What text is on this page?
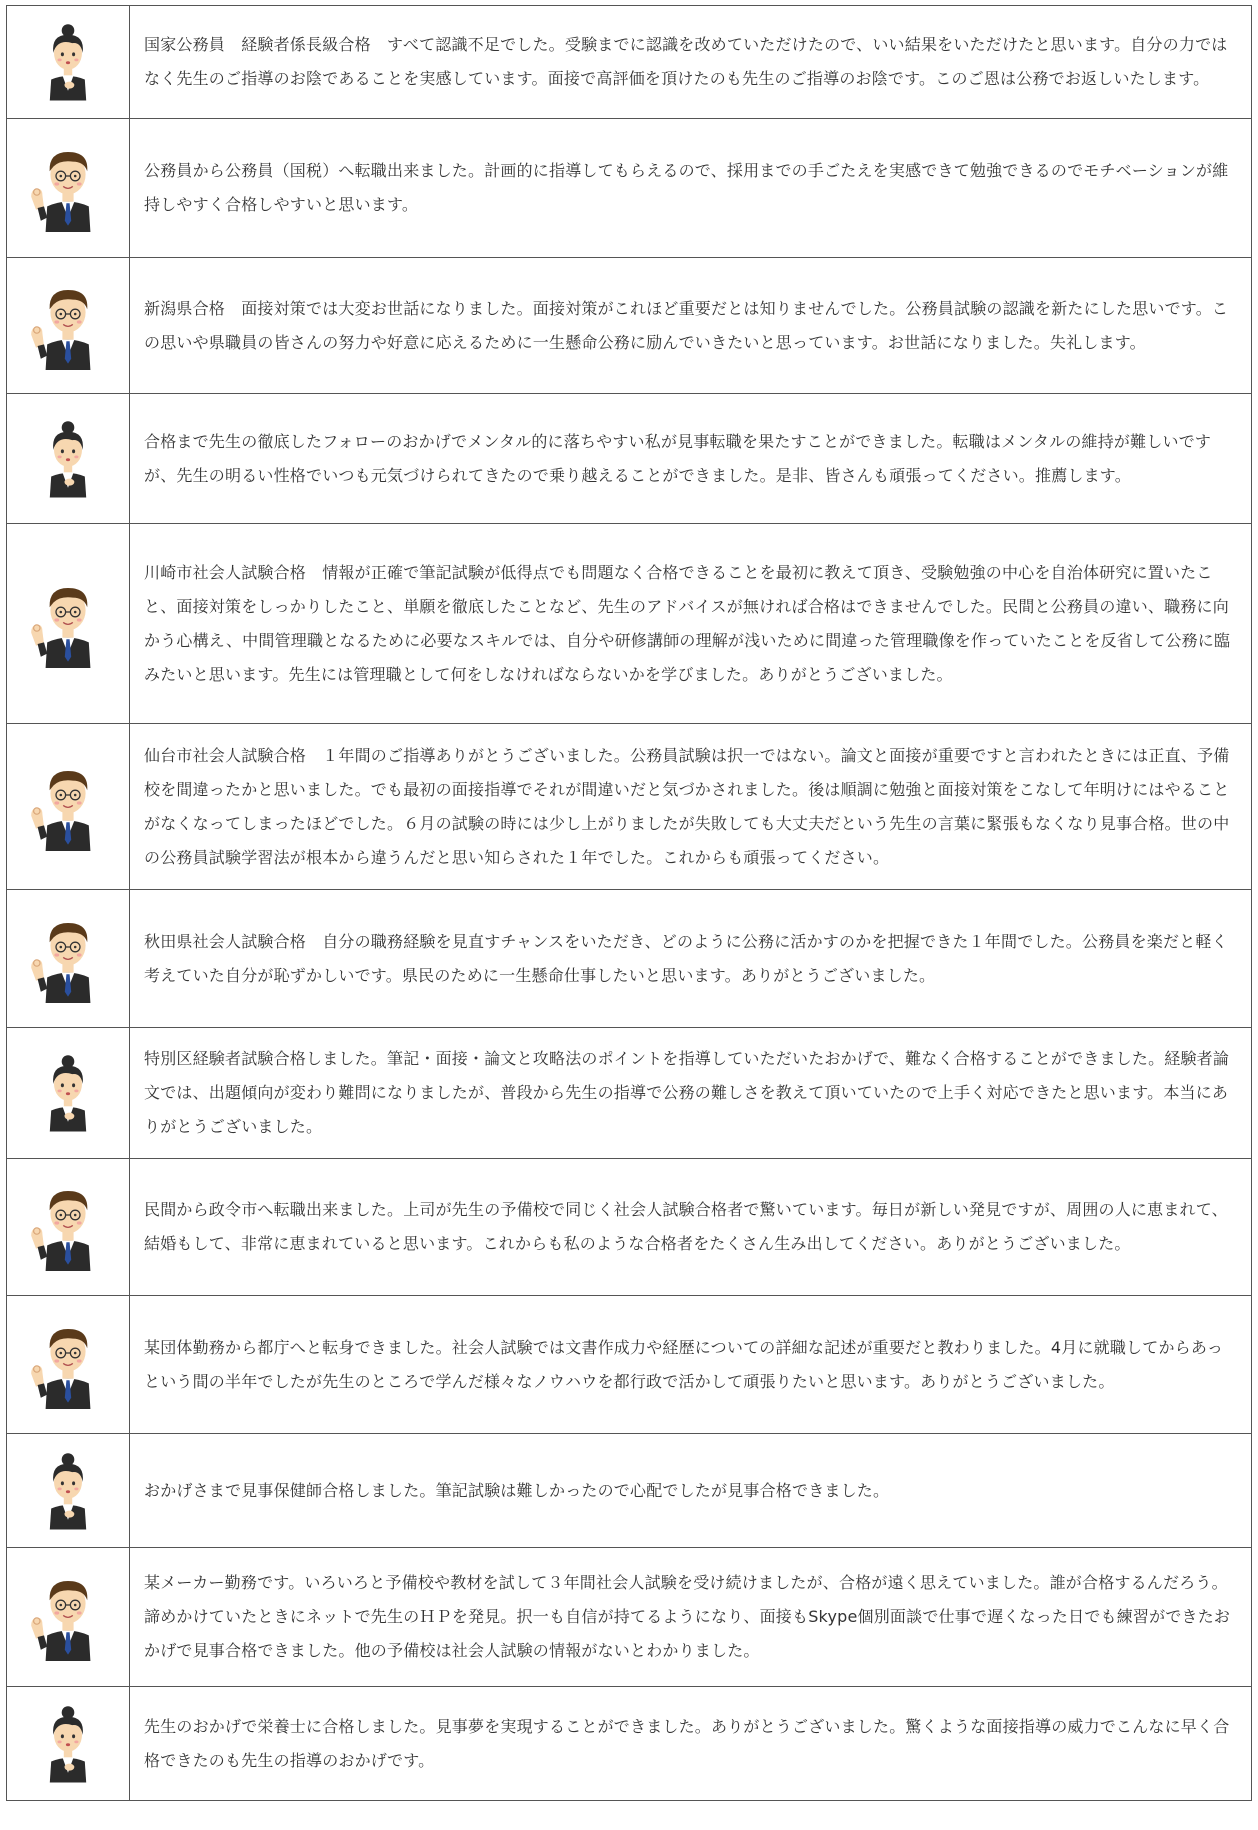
	国家公務員　経験者係長級合格　すべて認識不足でした。受験までに認識を改めていただけたので、いい結果をいただけたと思います。自分の力ではなく先生のご指導のお陰であることを実感しています。面接で高評価を頂けたのも先生のご指導のお陰です。このご恩は公務でお返しいたします。

	公務員から公務員（国税）へ転職出来ました。計画的に指導してもらえるので、採用までの手ごたえを実感できて勉強できるのでモチベーションが維持しやすく合格しやすいと思います。

	新潟県合格　面接対策では大変お世話になりました。面接対策がこれほど重要だとは知りませんでした。公務員試験の認識を新たにした思いです。この思いや県職員の皆さんの努力や好意に応えるために一生懸命公務に励んでいきたいと思っています。お世話になりました。失礼します。

	合格まで先生の徹底したフォローのおかげでメンタル的に落ちやすい私が見事転職を果たすことができました。転職はメンタルの維持が難しいですが、先生の明るい性格でいつも元気づけられてきたので乗り越えることができました。是非、皆さんも頑張ってください。推薦します。

	川崎市社会人試験合格　情報が正確で筆記試験が低得点でも問題なく合格できることを最初に教えて頂き、受験勉強の中心を自治体研究に置いたこと、面接対策をしっかりしたこと、単願を徹底したことなど、先生のアドバイスが無ければ合格はできませんでした。民間と公務員の違い、職務に向かう心構え、中間管理職となるために必要なスキルでは、自分や研修講師の理解が浅いために間違った管理職像を作っていたことを反省して公務に臨みたいと思います。先生には管理職として何をしなければならないかを学びました。ありがとうございました。

	仙台市社会人試験合格　１年間のご指導ありがとうございました。公務員試験は択一ではない。論文と面接が重要ですと言われたときには正直、予備校を間違ったかと思いました。でも最初の面接指導でそれが間違いだと気づかされました。後は順調に勉強と面接対策をこなして年明けにはやることがなくなってしまったほどでした。６月の試験の時には少し上がりましたが失敗しても大丈夫だという先生の言葉に緊張もなくなり見事合格。世の中の公務員試験学習法が根本から違うんだと思い知らされた１年でした。これからも頑張ってください。

	秋田県社会人試験合格　自分の職務経験を見直すチャンスをいただき、どのように公務に活かすのかを把握できた１年間でした。公務員を楽だと軽く考えていた自分が恥ずかしいです。県民のために一生懸命仕事したいと思います。ありがとうございました。

	特別区経験者試験合格しました。筆記・面接・論文と攻略法のポイントを指導していただいたおかげで、難なく合格することができました。経験者論文では、出題傾向が変わり難問になりましたが、普段から先生の指導で公務の難しさを教えて頂いていたので上手く対応できたと思います。本当にありがとうございました。

	民間から政令市へ転職出来ました。上司が先生の予備校で同じく社会人試験合格者で驚いています。毎日が新しい発見ですが、周囲の人に恵まれて、結婚もして、非常に恵まれていると思います。これからも私のような合格者をたくさん生み出してください。ありがとうございました。

	某団体勤務から都庁へと転身できました。社会人試験では文書作成力や経歴についての詳細な記述が重要だと教わりました。4月に就職してからあっという間の半年でしたが先生のところで学んだ様々なノウハウを都行政で活かして頑張りたいと思います。ありがとうございました。

	おかげさまで見事保健師合格しました。筆記試験は難しかったので心配でしたが見事合格できました。

	某メーカー勤務です。いろいろと予備校や教材を試して３年間社会人試験を受け続けましたが、合格が遠く思えていました。誰が合格するんだろう。諦めかけていたときにネットで先生のＨＰを発見。択一も自信が持てるようになり、面接もSkype個別面談で仕事で遅くなった日でも練習ができたおかげで見事合格できました。他の予備校は社会人試験の情報がないとわかりました。

	先生のおかげで栄養士に合格しました。見事夢を実現することができました。ありがとうございました。驚くような面接指導の威力でこんなに早く合格できたのも先生の指導のおかげです。
